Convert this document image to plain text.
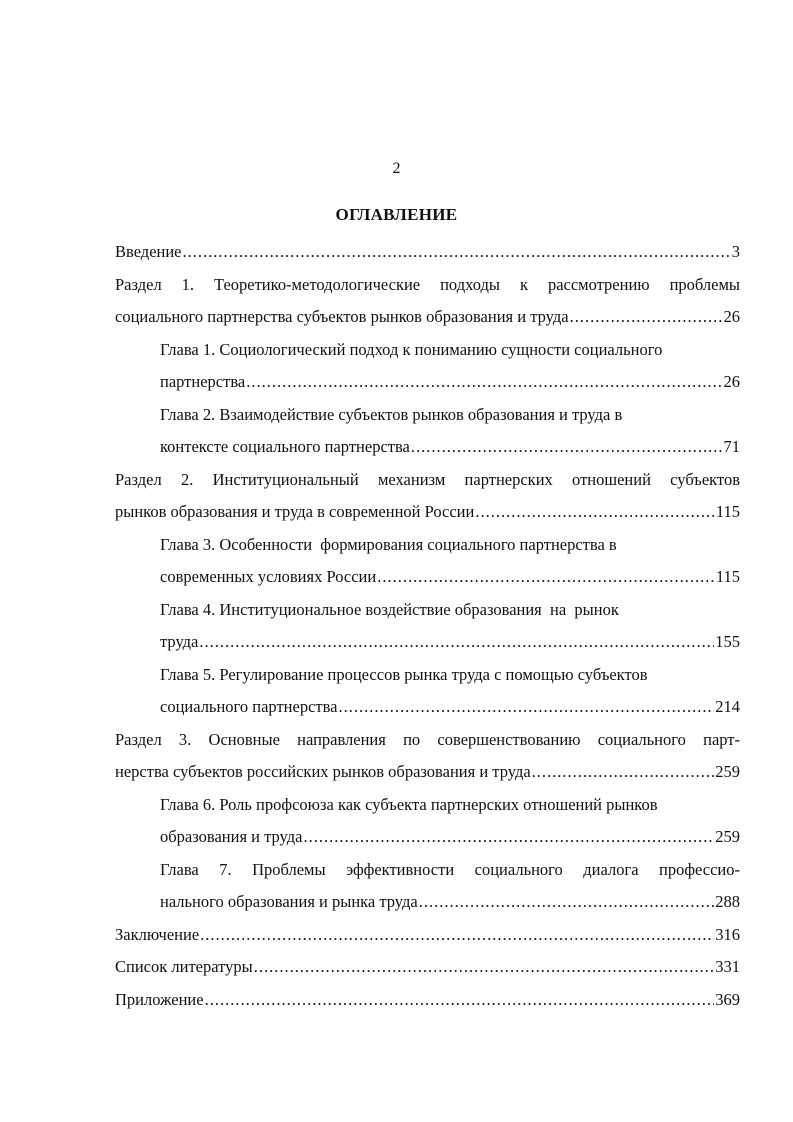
2
ОГЛАВЛЕНИЕ
Введение .....	3
Раздел 1. Теоретико-методологические подходы к рассмотрению проблемы
социального партнерства субъектов рынков образования и труда .....	26
Глава 1. Социологический подход к пониманию сущности социального
партнерства .....	26
Глава 2. Взаимодействие субъектов рынков образования и труда в
контексте социального партнерства .....	71
Раздел 2. Институциональный механизм партнерских отношений субъектов
рынков образования и труда в современной России .....	115
Глава 3. Особенности  формирования социального партнерства в
современных условиях России .....	115
Глава 4. Институциональное воздействие образования  на  рынок
труда .....	155
Глава 5. Регулирование процессов рынка труда с помощью субъектов
социального партнерства .....	214
Раздел 3. Основные направления по совершенствованию социального парт-
нерства субъектов российских рынков образования и труда .....	259
Глава 6. Роль профсоюза как субъекта партнерских отношений рынков
образования и труда .....	259
Глава 7. Проблемы эффективности социального диалога профессио-
нального образования и рынка труда .....	288
Заключение .....	316
Список литературы .....	331
Приложение .....	369
